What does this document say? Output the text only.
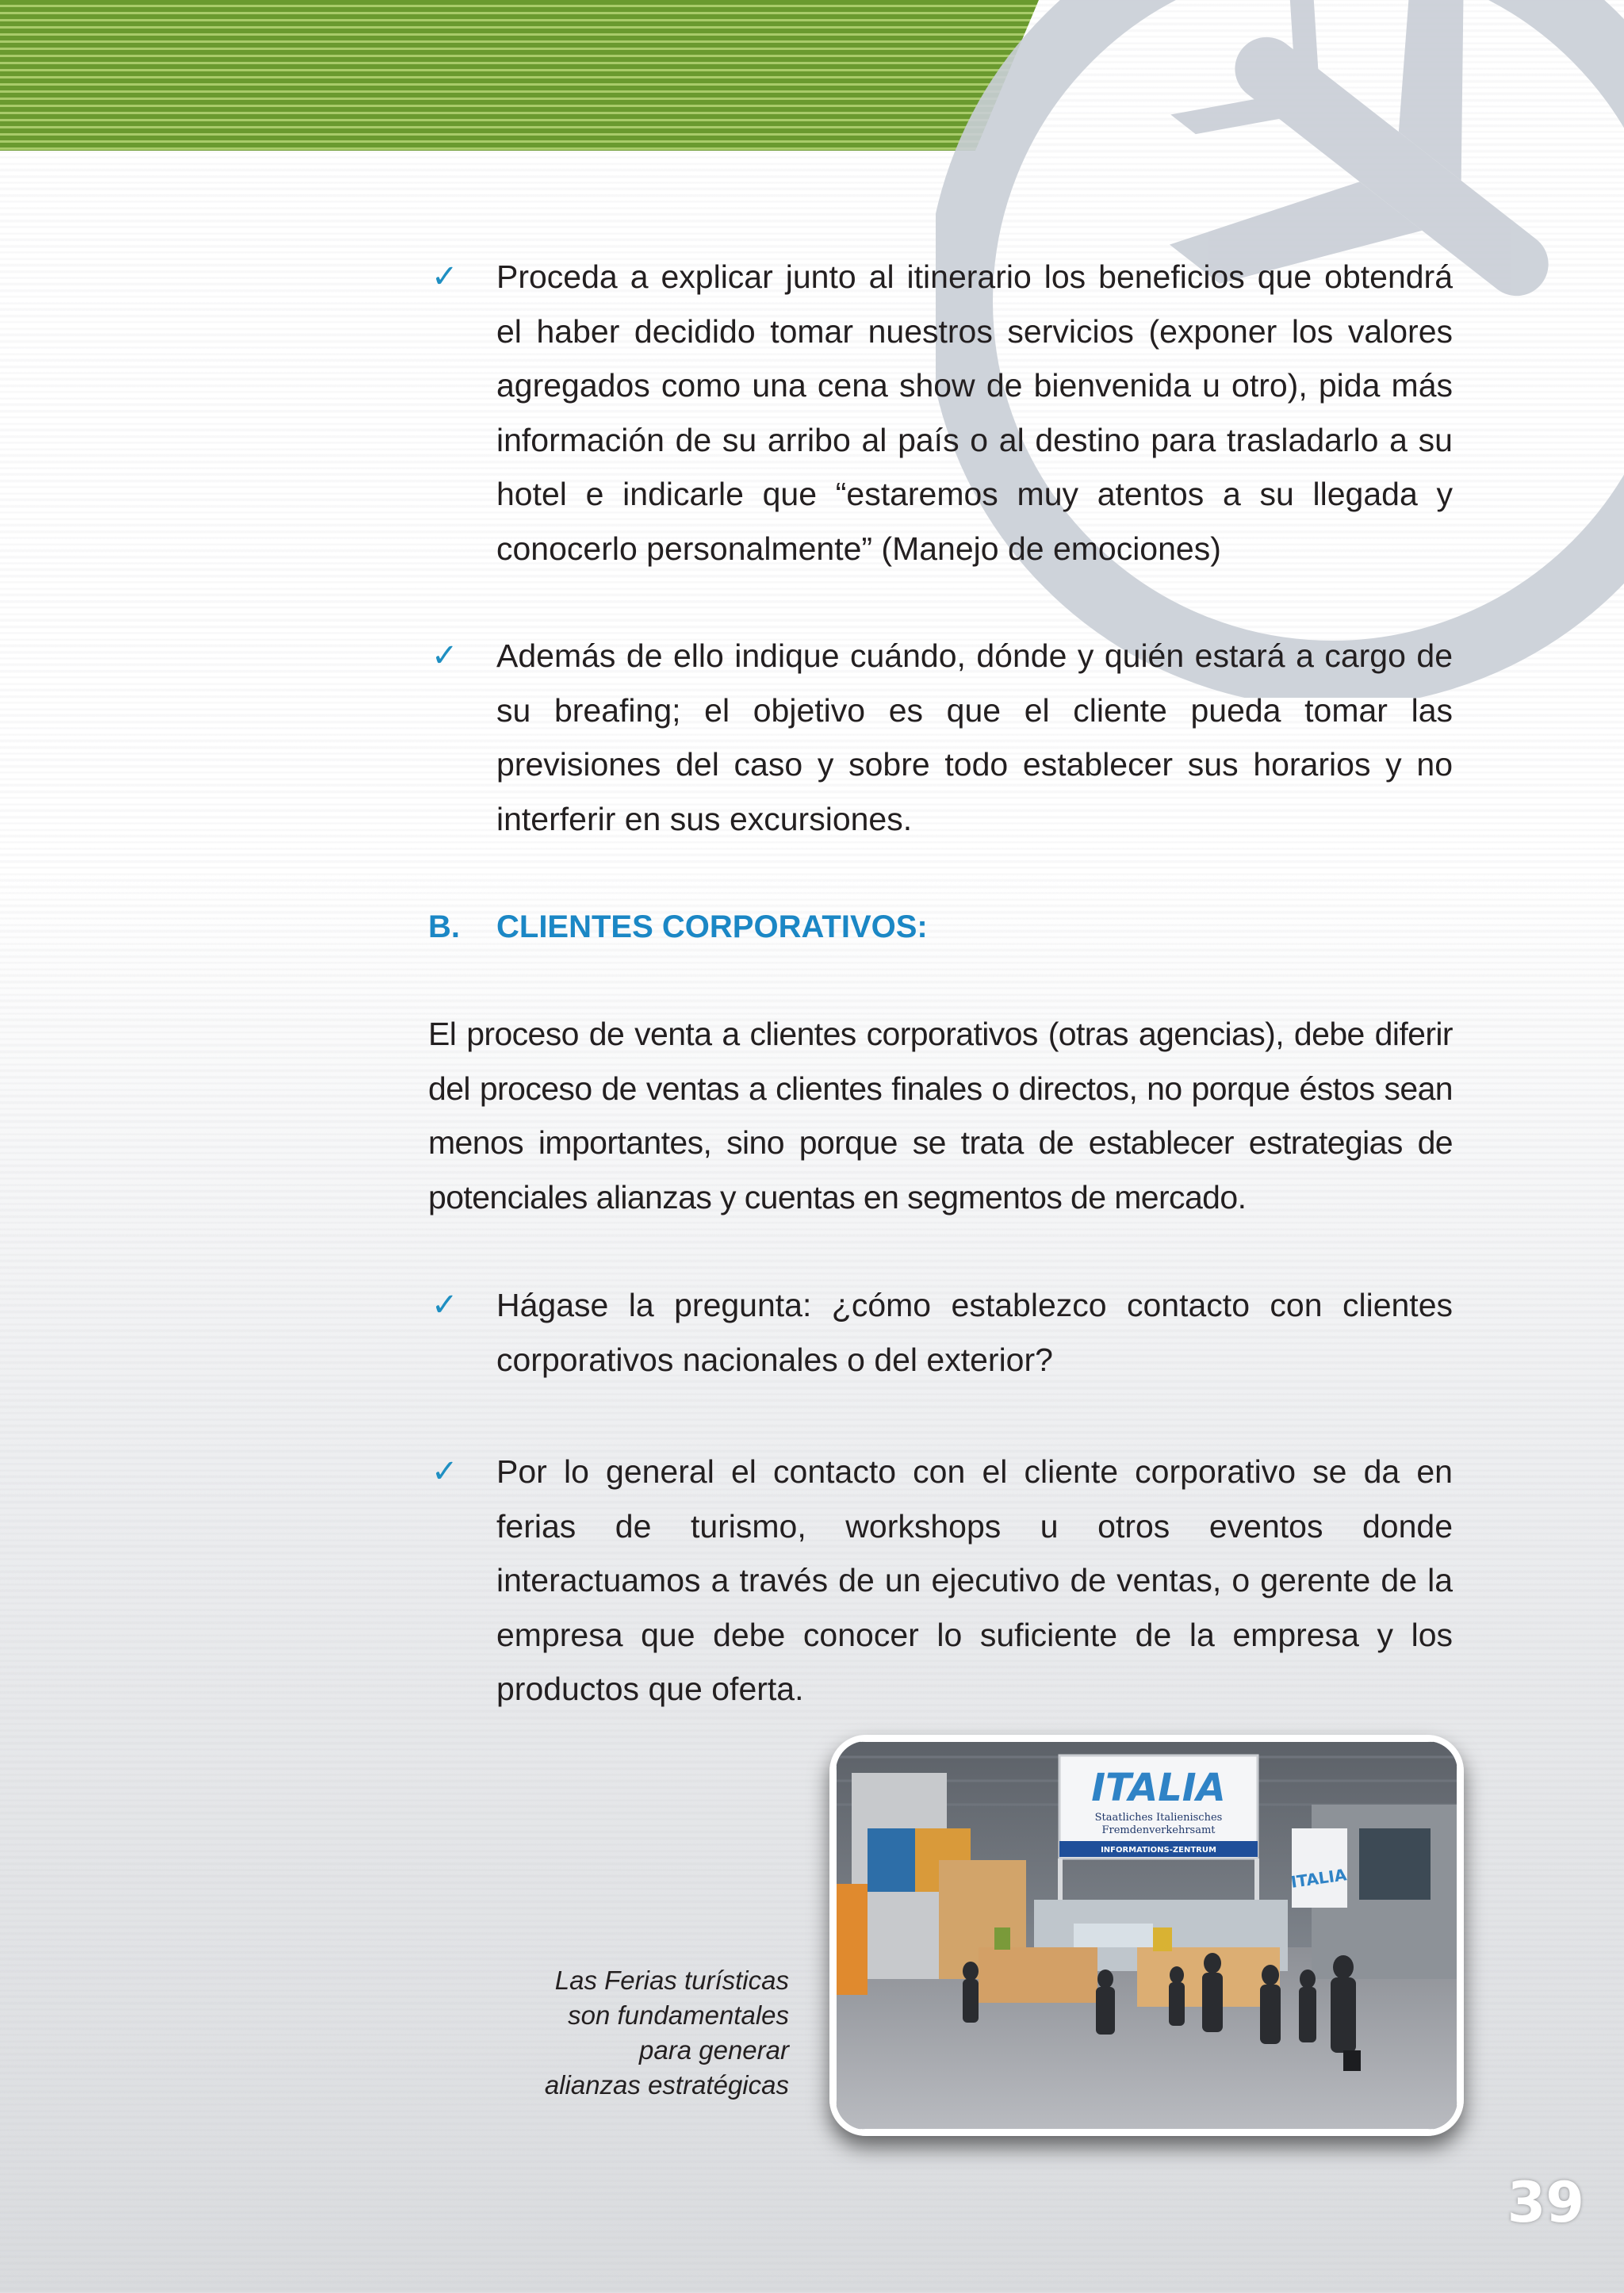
✓	Proceda a explicar junto al itinerario los beneficios que obtendrá el haber decidido tomar nuestros servicios (exponer los valores agregados como una cena show de bienvenida u otro), pida más información de su arribo al país o al destino para trasladarlo a su hotel e indicarle que “estaremos muy atentos a su llegada y conocerlo personalmente” (Manejo de emociones)
✓	Además de ello indique cuándo, dónde y quién estará a cargo de su breafing; el objetivo es que el cliente pueda tomar las previsiones del caso y sobre todo establecer sus horarios y no interferir en sus excursiones.
B.	CLIENTES CORPORATIVOS:
El proceso de venta a clientes corporativos (otras agencias), debe diferir del proceso de ventas a clientes finales o directos, no porque éstos sean menos importantes, sino porque se trata de establecer estrategias de potenciales alianzas y cuentas en segmentos de mercado.
✓	Hágase la pregunta: ¿cómo establezco contacto con clientes corporativos nacionales o del exterior?
✓	Por lo general el contacto con el cliente corporativo se da en ferias de turismo, workshops u otros eventos donde interactuamos a través de un ejecutivo de ventas, o gerente de la empresa que debe conocer lo suficiente de la empresa y los productos que oferta.
Las Ferias turísticas
son fundamentales
para generar
alianzas estratégicas
ITALIA
ITALIA
Staatliches Italienisches
Fremdenverkehrsamt
INFORMATIONS-ZENTRUM
39
